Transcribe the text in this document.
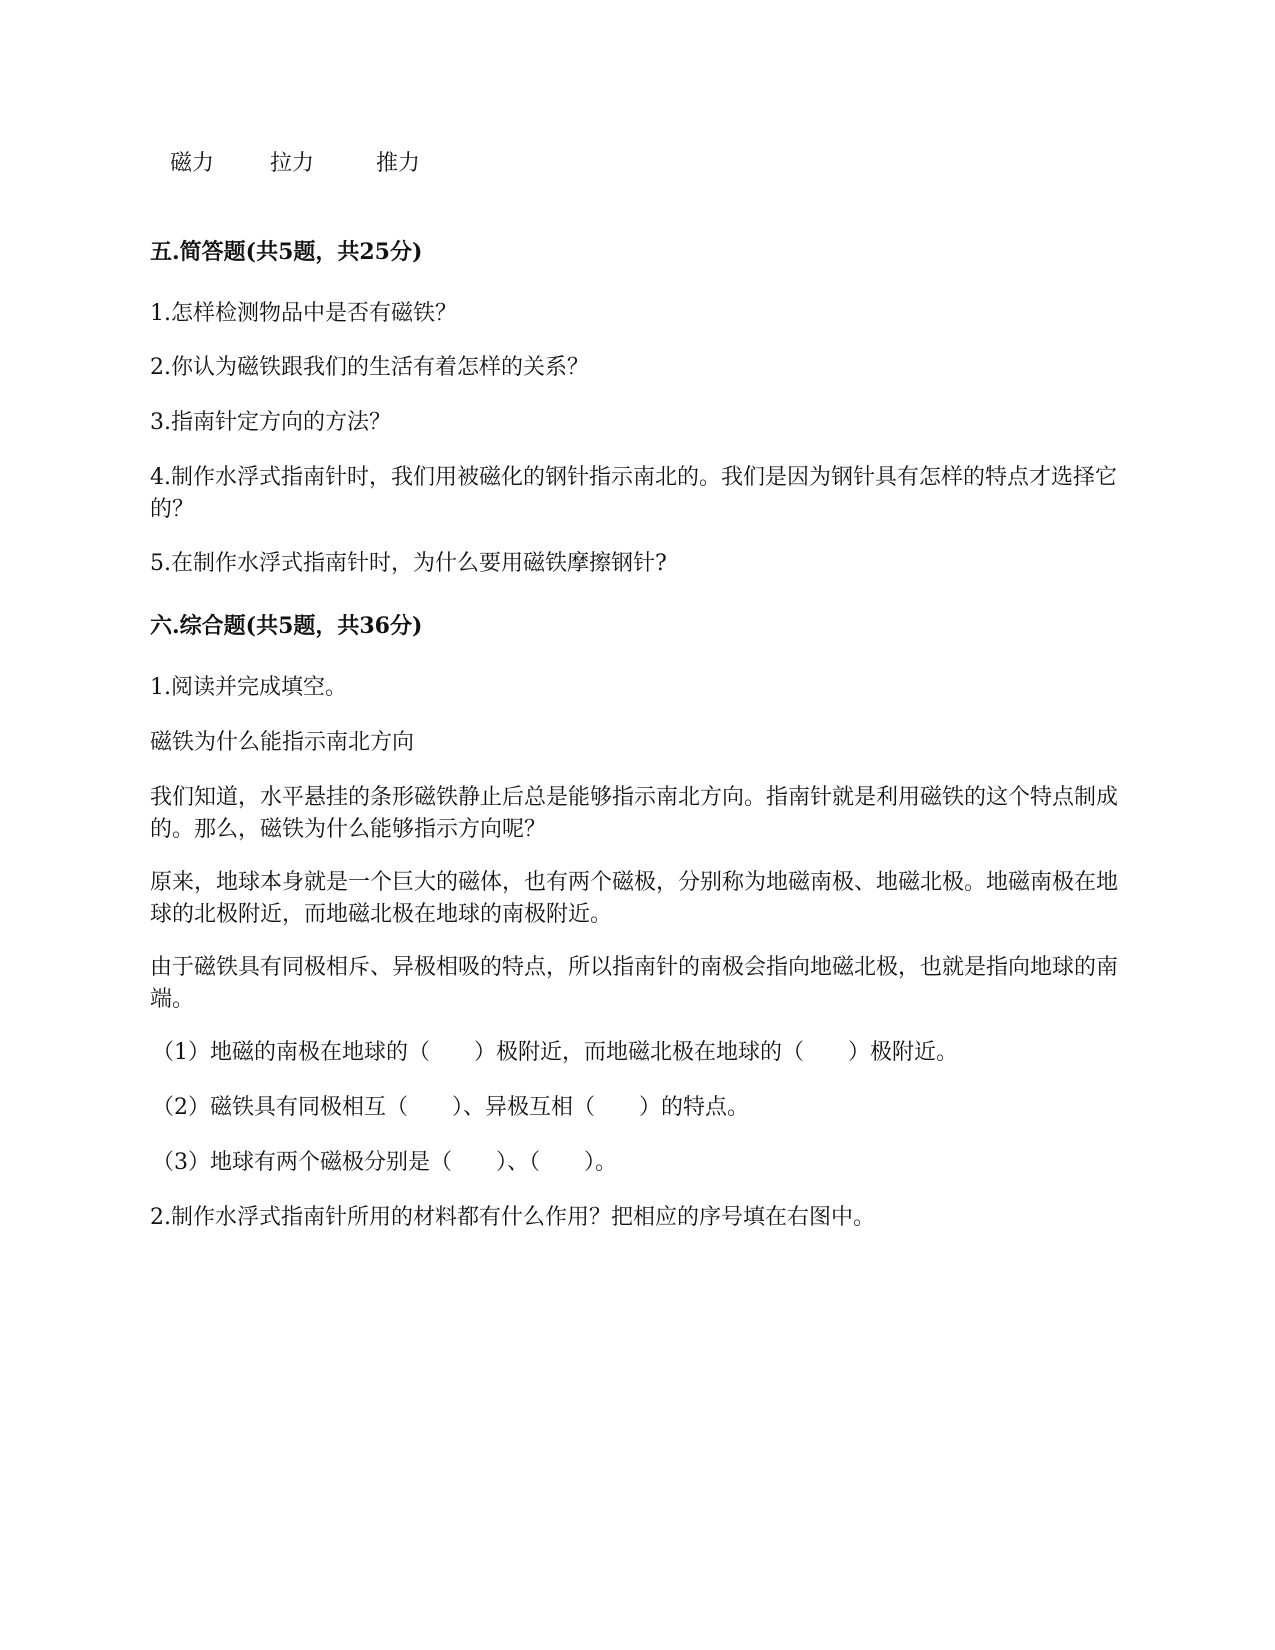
磁力	拉力	推力
五.简答题(共5题，共25分)
1.怎样检测物品中是否有磁铁？
2.你认为磁铁跟我们的生活有着怎样的关系？
3.指南针定方向的方法？
4.制作水浮式指南针时，我们用被磁化的钢针指示南北的。我们是因为钢针具有怎样的特点才选择它的？
5.在制作水浮式指南针时，为什么要用磁铁摩擦钢针?
六.综合题(共5题，共36分)
1.阅读并完成填空。
磁铁为什么能指示南北方向
我们知道，水平悬挂的条形磁铁静止后总是能够指示南北方向。指南针就是利用磁铁的这个特点制成的。那么，磁铁为什么能够指示方向呢？
原来，地球本身就是一个巨大的磁体，也有两个磁极，分别称为地磁南极、地磁北极。地磁南极在地球的北极附近，而地磁北极在地球的南极附近。
由于磁铁具有同极相斥、异极相吸的特点，所以指南针的南极会指向地磁北极，也就是指向地球的南端。
（1）地磁的南极在地球的（　　）极附近，而地磁北极在地球的（　　）极附近。
（2）磁铁具有同极相互（　　）、异极互相（　　）的特点。
（3）地球有两个磁极分别是（　　）、（　　）。
2.制作水浮式指南针所用的材料都有什么作用？把相应的序号填在右图中。
